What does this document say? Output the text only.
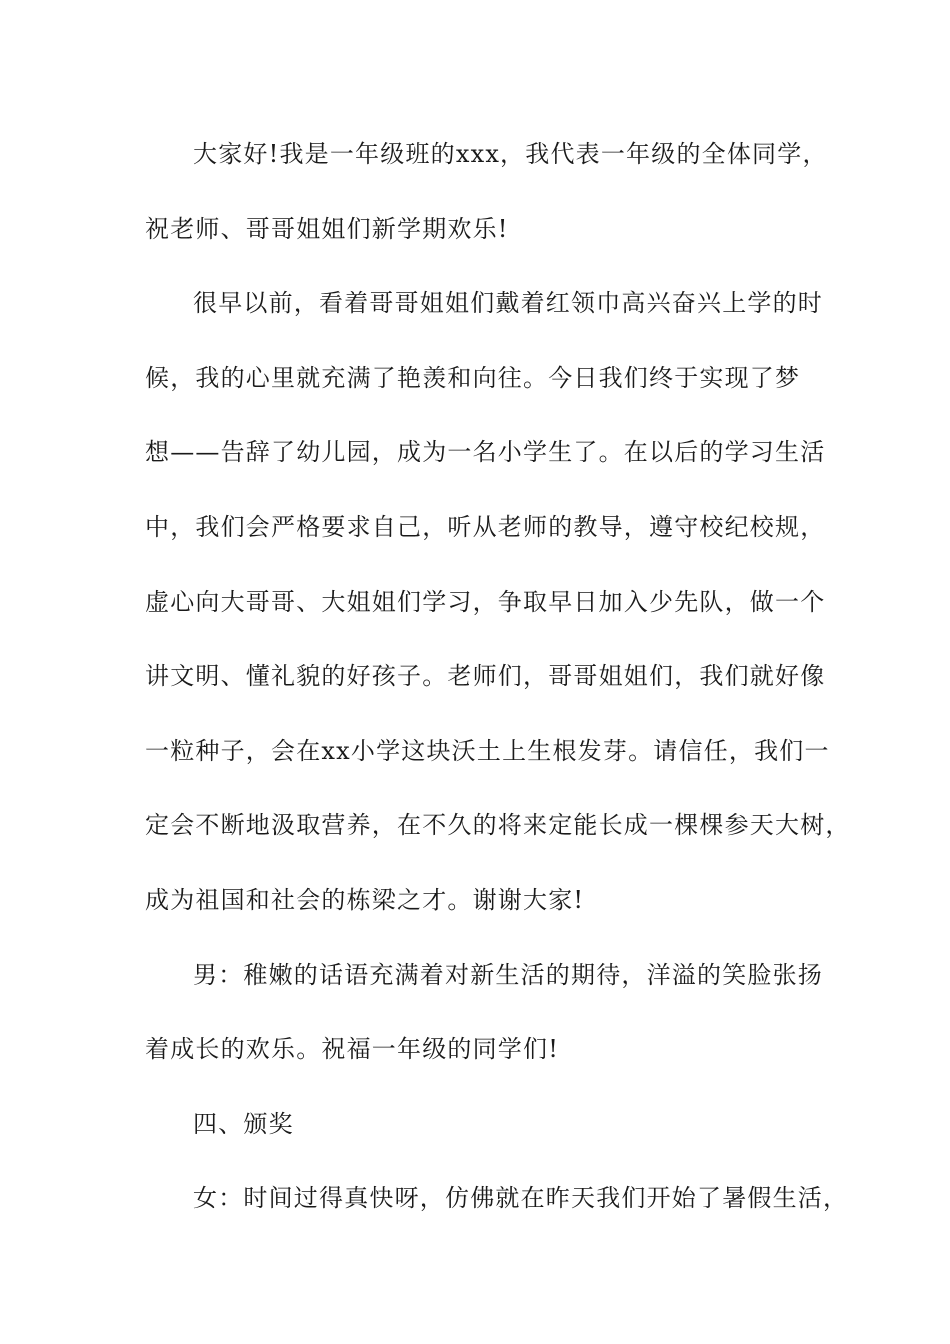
大家好!我是一年级班的xxx，我代表一年级的全体同学，
祝老师、哥哥姐姐们新学期欢乐!
很早以前，看着哥哥姐姐们戴着红领巾高兴奋兴上学的时
候，我的心里就充满了艳羡和向往。今日我们终于实现了梦
想——告辞了幼儿园，成为一名小学生了。在以后的学习生活
中，我们会严格要求自己，听从老师的教导，遵守校纪校规，
虚心向大哥哥、大姐姐们学习，争取早日加入少先队，做一个
讲文明、懂礼貌的好孩子。老师们，哥哥姐姐们，我们就好像
一粒种子，会在xx小学这块沃土上生根发芽。请信任，我们一
定会不断地汲取营养，在不久的将来定能长成一棵棵参天大树，
成为祖国和社会的栋梁之才。谢谢大家!
男：稚嫩的话语充满着对新生活的期待，洋溢的笑脸张扬
着成长的欢乐。祝福一年级的同学们!
四、颁奖
女：时间过得真快呀，仿佛就在昨天我们开始了暑假生活，
